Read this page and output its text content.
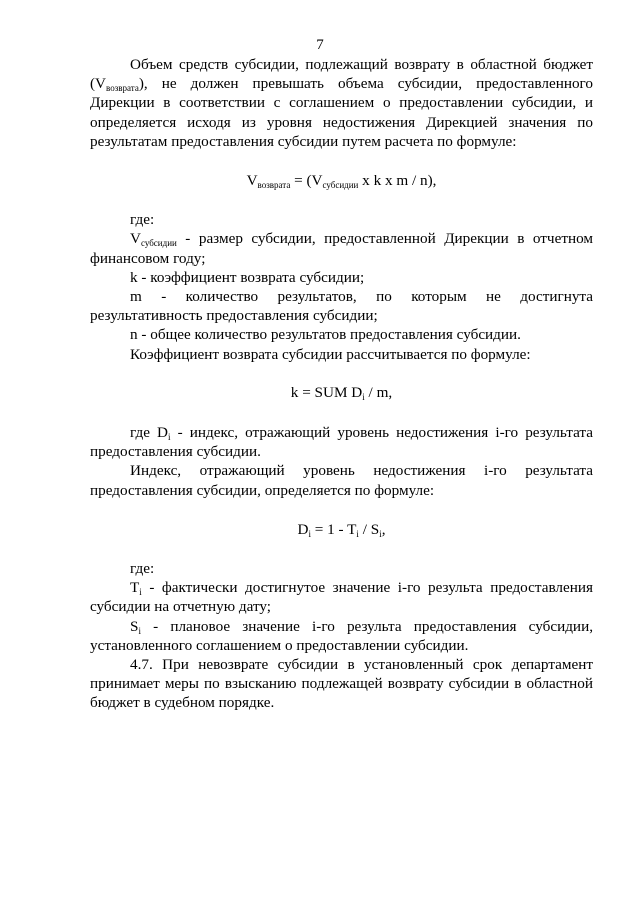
7

Объем средств субсидии, подлежащий возврату в областной бюджет $(V_{возврата})$, не должен превышать объема субсидии, предоставленного Дирекции в соответствии с соглашением о предоставлении субсидии, и определяется исходя из уровня недостижения Дирекцией значения по результатам предоставления субсидии путем расчета по формуле:

$V_{возврата} = (V_{субсидии}$ x k x m / n),

где:

$V_{субсидии}$ - размер субсидии, предоставленной Дирекции в отчетном финансовом году;

k - коэффициент возврата субсидии;

m - количество результатов, по которым не достигнута результативность предоставления субсидии;

n - общее количество результатов предоставления субсидии.

Коэффициент возврата субсидии рассчитывается по формуле:

k = SUM $D_i$ / m,

где $D_i$ - индекс, отражающий уровень недостижения i-го результата предоставления субсидии.

Индекс, отражающий уровень недостижения i-го результата предоставления субсидии, определяется по формуле:

$D_i = 1 - T_i / S_i$,

где:

$T_i$ - фактически достигнутое значение i-го результа предоставления субсидии на отчетную дату;

$S_i$ - плановое значение i-го результа предоставления субсидии, установленного соглашением о предоставлении субсидии.

4.7. При невозврате субсидии в установленный срок департамент принимает меры по взысканию подлежащей возврату субсидии в областной бюджет в судебном порядке.
